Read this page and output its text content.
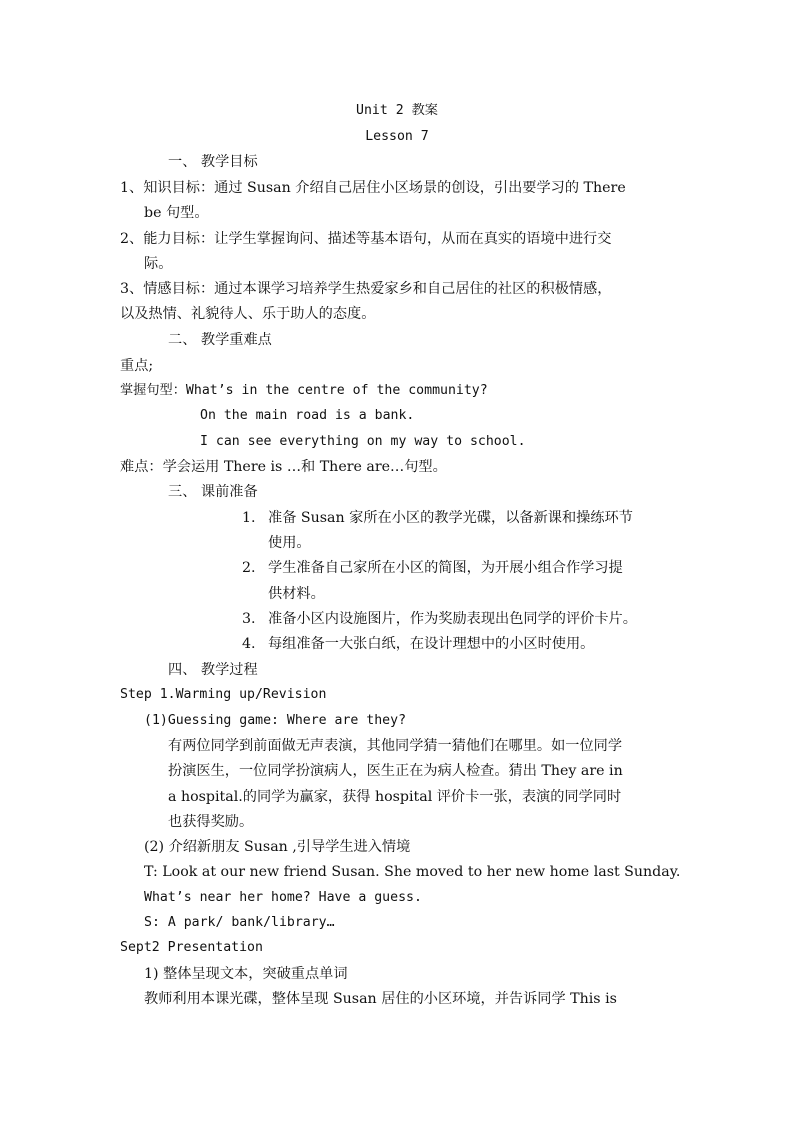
Unit 2 教案
Lesson 7
一、 教学目标
1、知识目标：通过 Susan 介绍自己居住小区场景的创设，引出要学习的 There
be 句型。
2、能力目标：让学生掌握询问、描述等基本语句，从而在真实的语境中进行交
际。
3、情感目标：通过本课学习培养学生热爱家乡和自己居住的社区的积极情感，
以及热情、礼貌待人、乐于助人的态度。
二、 教学重难点
重点;
掌握句型：What’s in the centre of the community?
On the main road is a bank.
I can see everything on my way to school.
难点：学会运用 There is …和 There are…句型。
三、 课前准备
1. 准备 Susan 家所在小区的教学光碟，以备新课和操练环节
使用。
2. 学生准备自己家所在小区的简图，为开展小组合作学习提
供材料。
3. 准备小区内设施图片，作为奖励表现出色同学的评价卡片。
4. 每组准备一大张白纸，在设计理想中的小区时使用。
四、 教学过程
Step 1.Warming up/Revision
(1)Guessing game: Where are they?
有两位同学到前面做无声表演，其他同学猜一猜他们在哪里。如一位同学
扮演医生，一位同学扮演病人，医生正在为病人检查。猜出 They are in
a hospital.的同学为赢家，获得 hospital 评价卡一张，表演的同学同时
也获得奖励。
(2) 介绍新朋友 Susan ,引导学生进入情境
T: Look at our new friend Susan. She moved to her new home last Sunday.
What’s near her home? Have a guess.
S: A park/ bank/library…
Sept2 Presentation
1) 整体呈现文本，突破重点单词
教师利用本课光碟，整体呈现 Susan 居住的小区环境，并告诉同学 This is
